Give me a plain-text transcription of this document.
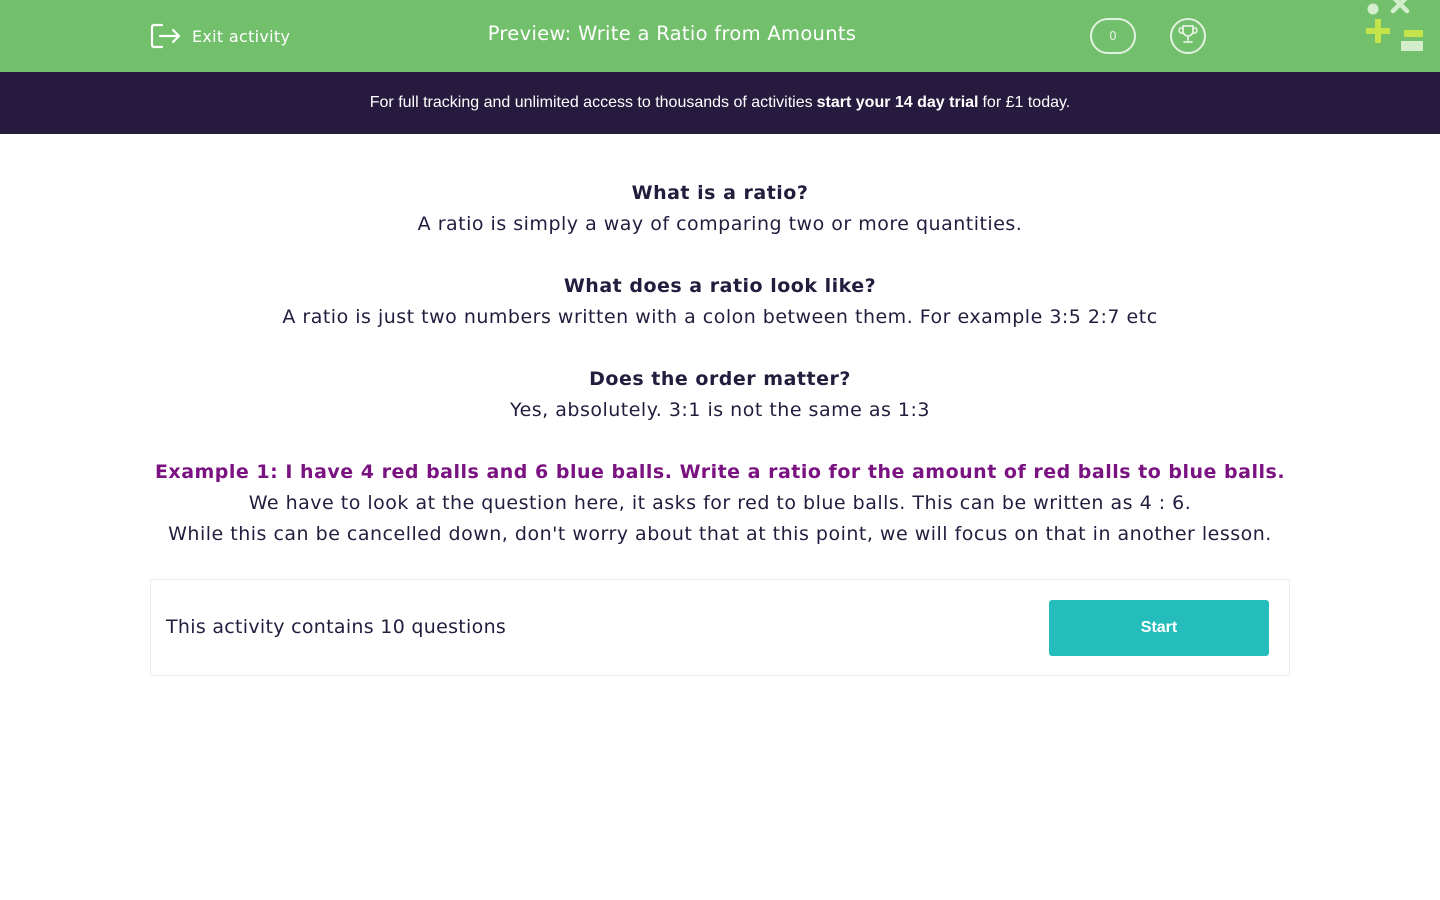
Exit activity	Preview: Write a Ratio from Amounts	0
For full tracking and unlimited access to thousands of activities start your 14 day trial for £1 today.
What is a ratio?
A ratio is simply a way of comparing two or more quantities.
What does a ratio look like?
A ratio is just two numbers written with a colon between them. For example 3:5 2:7 etc
Does the order matter?
Yes, absolutely. 3:1 is not the same as 1:3
Example 1: I have 4 red balls and 6 blue balls. Write a ratio for the amount of red balls to blue balls.
We have to look at the question here, it asks for red to blue balls. This can be written as 4 : 6.
While this can be cancelled down, don't worry about that at this point, we will focus on that in another lesson.
This activity contains 10 questions	Start
